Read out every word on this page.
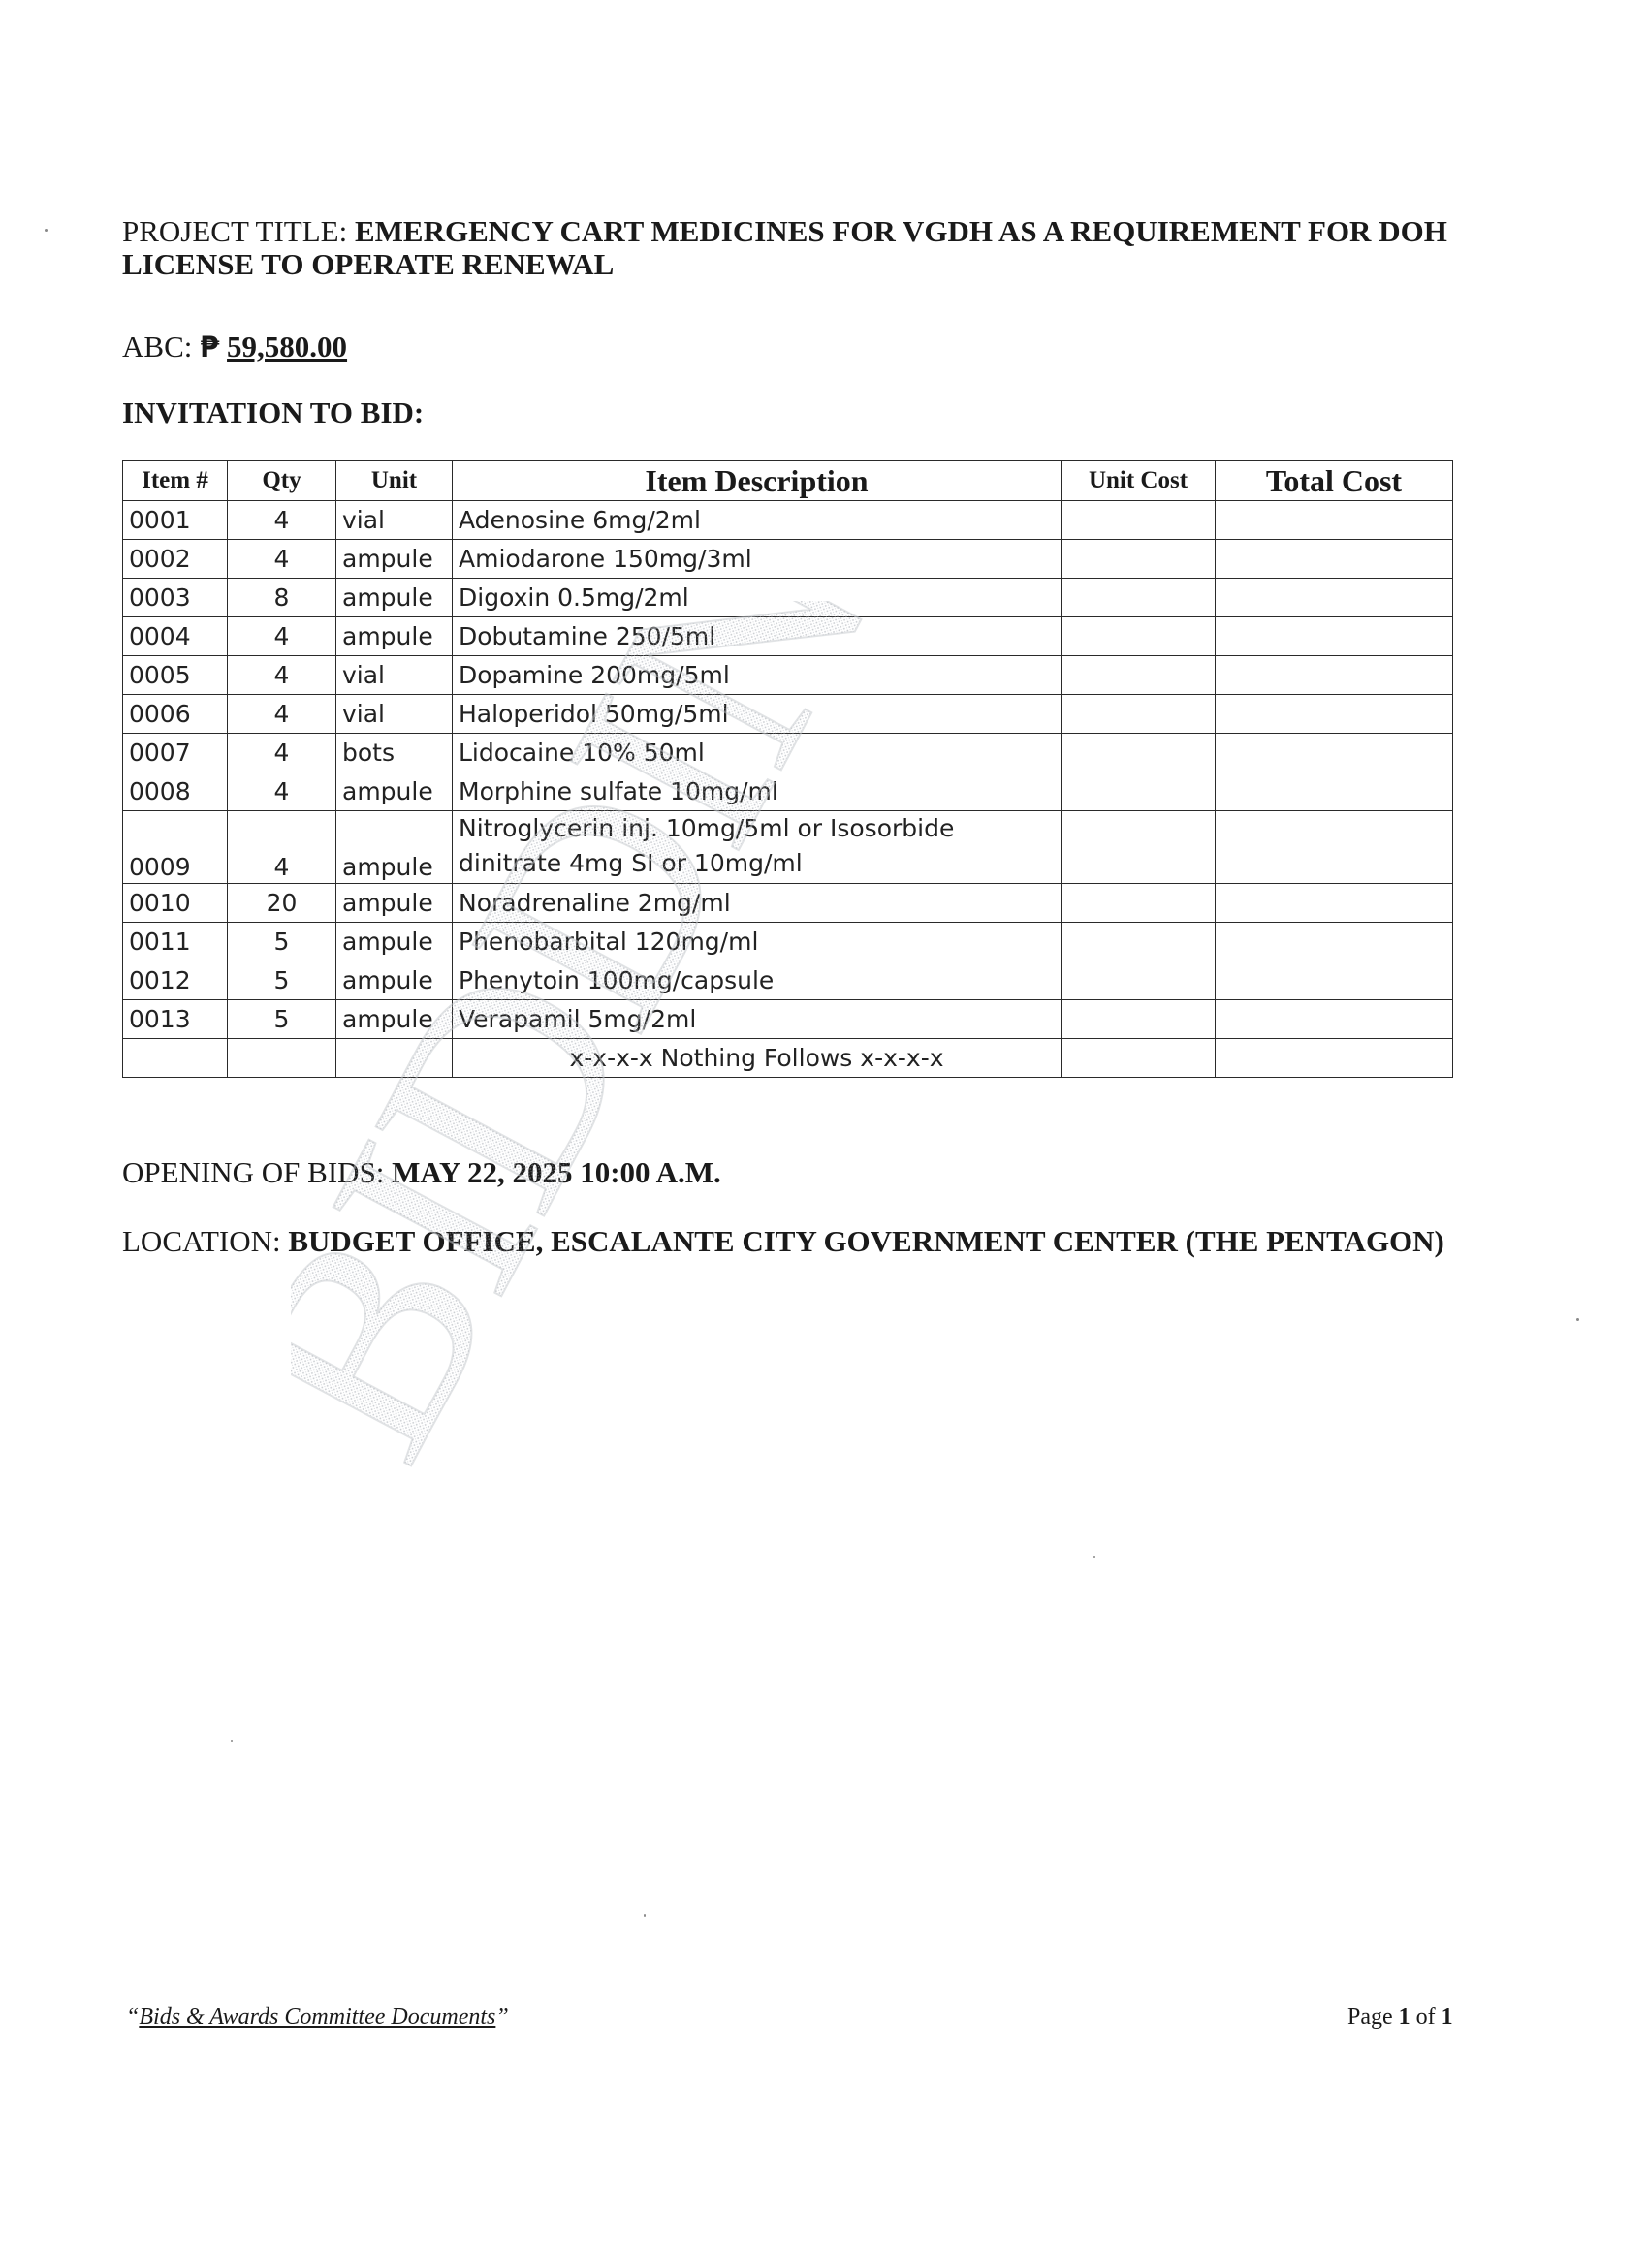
PROJECT TITLE: EMERGENCY CART MEDICINES FOR VGDH AS A REQUIREMENT FOR DOH LICENSE TO OPERATE RENEWAL
ABC: ₱ 59,580.00
INVITATION TO BID:
Item #	Qty	Unit	Item Description	Unit Cost	Total Cost
0001	4	vial	Adenosine 6mg/2ml		
0002	4	ampule	Amiodarone 150mg/3ml		
0003	8	ampule	Digoxin 0.5mg/2ml		
0004	4	ampule	Dobutamine 250/5ml		
0005	4	vial	Dopamine 200mg/5ml		
0006	4	vial	Haloperidol 50mg/5ml		
0007	4	bots	Lidocaine 10% 50ml		
0008	4	ampule	Morphine sulfate 10mg/ml		
0009	4	ampule	Nitroglycerin inj. 10mg/5ml or Isosorbide dinitrate 4mg SI or 10mg/ml		
0010	20	ampule	Noradrenaline 2mg/ml		
0011	5	ampule	Phenobarbital 120mg/ml		
0012	5	ampule	Phenytoin 100mg/capsule		
0013	5	ampule	Verapamil 5mg/2ml		
			x-x-x-x Nothing Follows x-x-x-x		
OPENING OF BIDS: MAY 22, 2025 10:00 A.M.
LOCATION: BUDGET OFFICE, ESCALANTE CITY GOVERNMENT CENTER (THE PENTAGON)
BIDDING
“Bids & Awards Committee Documents”	Page 1 of 1
